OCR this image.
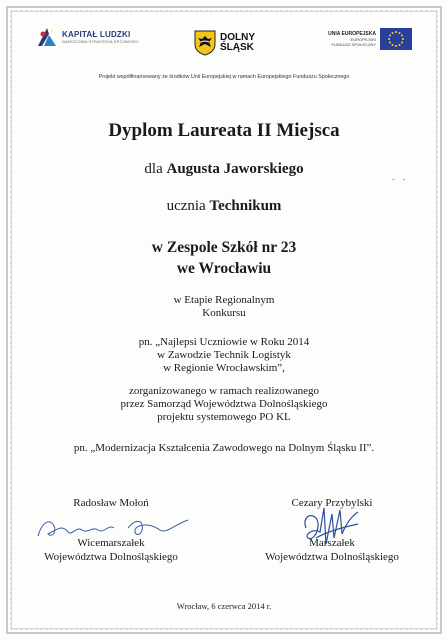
KAPITAŁ LUDZKI
NARODOWA STRATEGIA SPÓJNOŚCI	DOLNY
ŚLĄSK
UNIA EUROPEJSKA
EUROPEJSKI
FUNDUSZ SPOŁECZNY
Projekt współfinansowany ze środków Unii Europejskiej w ramach Europejskiego Funduszu Społecznego
Dyplom Laureata II Miejsca
dla Augusta Jaworskiego
- -
ucznia Technikum
w Zespole Szkół nr 23
we Wrocławiu
w Etapie Regionalnym
Konkursu
pn. „Najlepsi Uczniowie w Roku 2014
w Zawodzie Technik Logistyk
w Regionie Wrocławskim”,
zorganizowanego w ramach realizowanego
przez Samorząd Województwa Dolnośląskiego
projektu systemowego PO KL
pn. „Modernizacja Kształcenia Zawodowego na Dolnym Śląsku II”.
Radosław Mołoń
Wicemarszałek
Województwa Dolnośląskiego
Cezary Przybylski
Marszałek
Województwa Dolnośląskiego
Wrocław, 6 czerwca 2014 r.
